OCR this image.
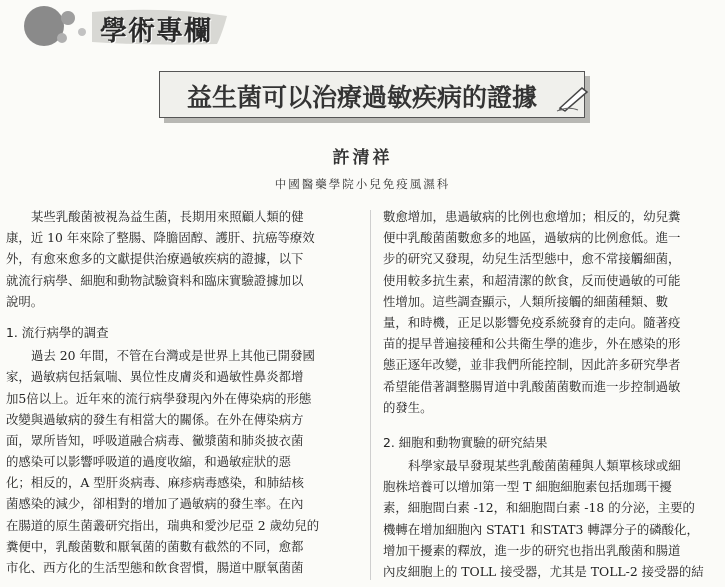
學術專欄
益生菌可以治療過敏疾病的證據
許清祥
中國醫藥學院小兒免疫風濕科
某些乳酸菌被視為益生菌，長期用來照顧人類的健
康，近 10 年來除了整腸、降膽固醇、護肝、抗癌等療效
外，有愈來愈多的文獻提供治療過敏疾病的證據，以下
就流行病學、細胞和動物試驗資料和臨床實驗證據加以
說明。
1. 流行病學的調查
過去 20 年間，不管在台灣或是世界上其他已開發國
家，過敏病包括氣喘、異位性皮膚炎和過敏性鼻炎都增
加5倍以上。近年來的流行病學發現內外在傳染病的形態
改變與過敏病的發生有相當大的關係。在外在傳染病方
面，眾所皆知，呼吸道融合病毒、黴漿菌和肺炎披衣菌
的感染可以影響呼吸道的過度收縮，和過敏症狀的惡
化；相反的，A 型肝炎病毒、麻疹病毒感染，和肺結核
菌感染的減少，卻相對的增加了過敏病的發生率。在內
在腸道的原生菌叢研究指出，瑞典和愛沙尼亞 2 歲幼兒的
糞便中，乳酸菌數和厭氧菌的菌數有截然的不同，愈都
市化、西方化的生活型態和飲食習慣，腸道中厭氧菌菌
數愈增加，患過敏病的比例也愈增加；相反的，幼兒糞
便中乳酸菌菌數愈多的地區，過敏病的比例愈低。進一
步的研究又發現，幼兒生活型態中，愈不常接觸細菌，
使用較多抗生素，和超清潔的飲食，反而使過敏的可能
性增加。這些調查顯示，人類所接觸的細菌種類、數
量，和時機，正足以影響免疫系統發育的走向。隨著疫
苗的提早普遍接種和公共衛生學的進步，外在感染的形
態正逐年改變，並非我們所能控制，因此許多研究學者
希望能借著調整腸胃道中乳酸菌菌數而進一步控制過敏
的發生。
2. 細胞和動物實驗的研究結果
科學家最早發現某些乳酸菌菌種與人類單核球或細
胞株培養可以增加第一型 T 細胞細胞素包括珈瑪干擾
素，細胞間白素 -12，和細胞間白素 -18 的分泌，主要的
機轉在增加細胞內 STAT1 和STAT3 轉譯分子的磷酸化，
增加干擾素的釋放，進一步的研究也指出乳酸菌和腸道
內皮細胞上的 TOLL 接受器，尤其是 TOLL-2 接受器的結
